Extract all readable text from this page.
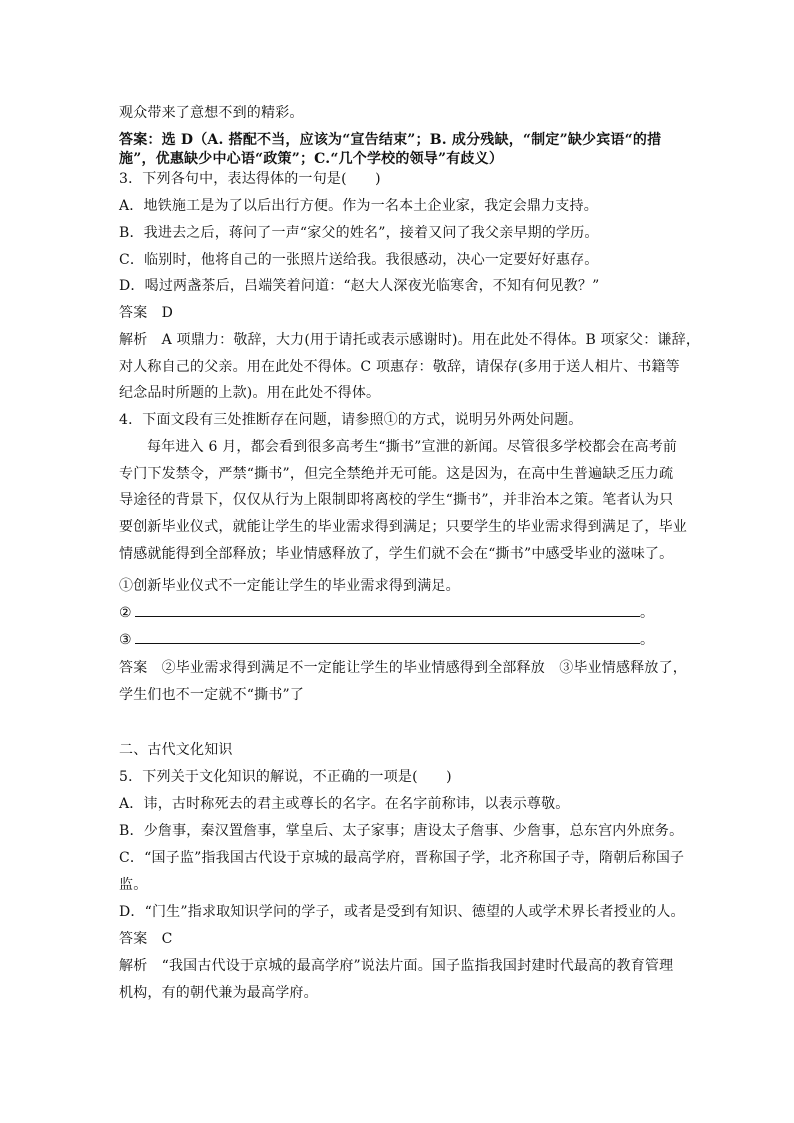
观众带来了意想不到的精彩。
答案：选 D（A. 搭配不当，应该为“宣告结束”；B. 成分残缺，“制定”缺少宾语“的措
施”，优惠缺少中心语“政策”；C.“几个学校的领导”有歧义）
3．下列各句中，表达得体的一句是(　　)
A．地铁施工是为了以后出行方便。作为一名本土企业家，我定会鼎力支持。
B．我进去之后，蒋问了一声“家父的姓名”，接着又问了我父亲早期的学历。
C．临别时，他将自己的一张照片送给我。我很感动，决心一定要好好惠存。
D．喝过两盏茶后，吕端笑着问道：“赵大人深夜光临寒舍，不知有何见教？”
答案　D
解析　A 项鼎力：敬辞，大力(用于请托或表示感谢时)。用在此处不得体。B 项家父：谦辞，
对人称自己的父亲。用在此处不得体。C 项惠存：敬辞，请保存(多用于送人相片、书籍等
纪念品时所题的上款)。用在此处不得体。
4．下面文段有三处推断存在问题，请参照①的方式，说明另外两处问题。
每年进入 6 月，都会看到很多高考生“撕书”宣泄的新闻。尽管很多学校都会在高考前
专门下发禁令，严禁“撕书”，但完全禁绝并无可能。这是因为，在高中生普遍缺乏压力疏
导途径的背景下，仅仅从行为上限制即将离校的学生“撕书”，并非治本之策。笔者认为只
要创新毕业仪式，就能让学生的毕业需求得到满足；只要学生的毕业需求得到满足了，毕业
情感就能得到全部释放；毕业情感释放了，学生们就不会在“撕书”中感受毕业的滋味了。
①创新毕业仪式不一定能让学生的毕业需求得到满足。
②	。
③	。
答案　②毕业需求得到满足不一定能让学生的毕业情感得到全部释放　③毕业情感释放了，
学生们也不一定就不“撕书”了
二、古代文化知识
5．下列关于文化知识的解说，不正确的一项是(　　)
A．讳，古时称死去的君主或尊长的名字。在名字前称讳，以表示尊敬。
B．少詹事，秦汉置詹事，掌皇后、太子家事；唐设太子詹事、少詹事，总东宫内外庶务。
C．“国子监”指我国古代设于京城的最高学府，晋称国子学，北齐称国子寺，隋朝后称国子
监。
D．“门生”指求取知识学问的学子，或者是受到有知识、德望的人或学术界长者授业的人。
答案　C
解析　“我国古代设于京城的最高学府”说法片面。国子监指我国封建时代最高的教育管理
机构，有的朝代兼为最高学府。
